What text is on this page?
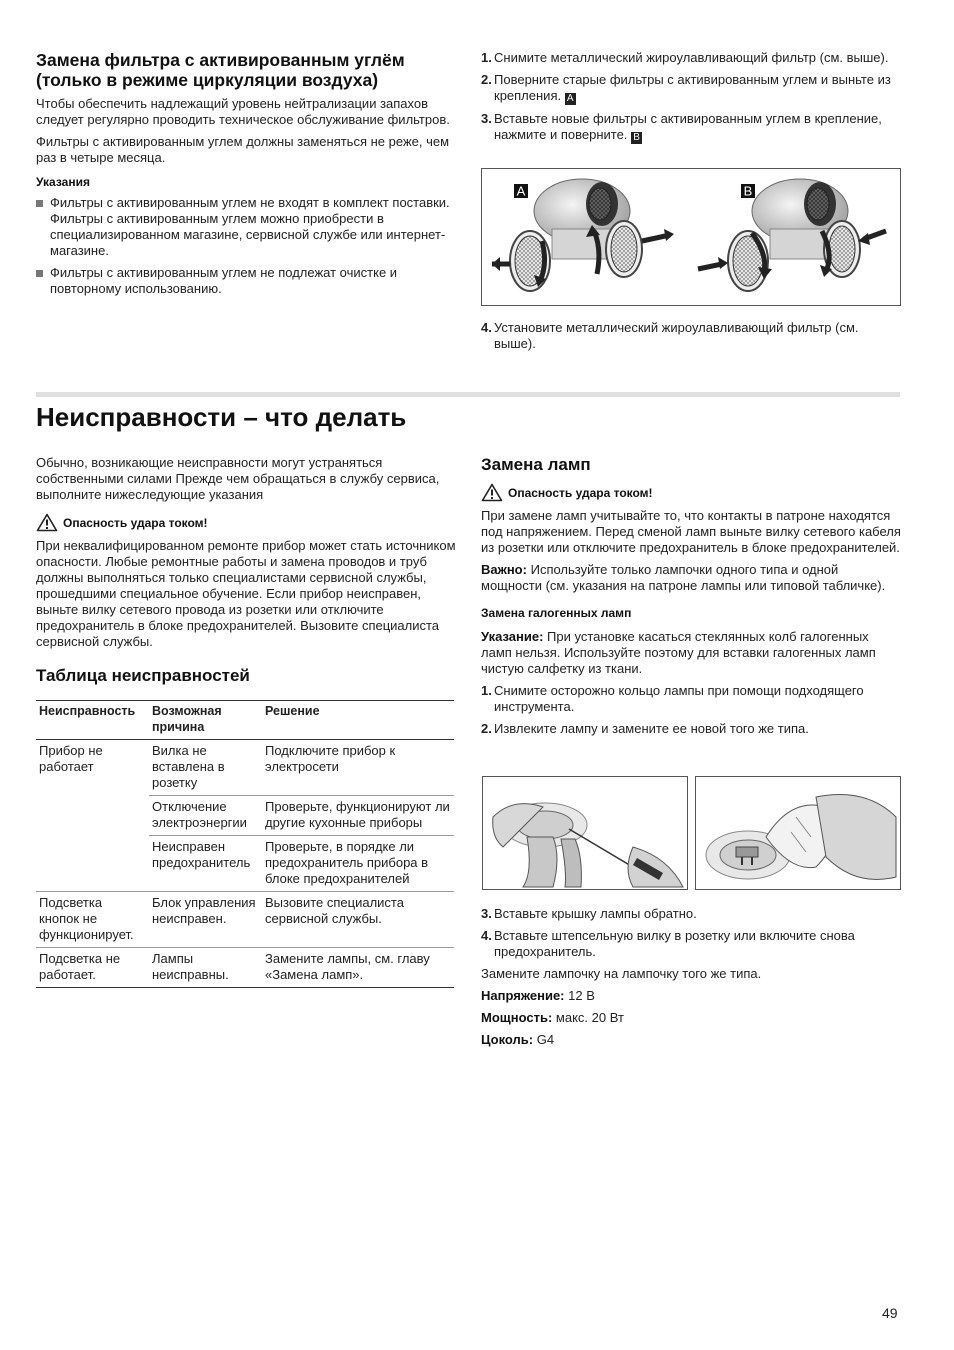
Замена фильтра с активированным углём (только в режиме циркуляции воздуха)

Чтобы обеспечить надлежащий уровень нейтрализации запахов следует регулярно проводить техническое обслуживание фильтров.

Фильтры с активированным углем должны заменяться не реже, чем раз в четыре месяца.

Указания
Фильтры с активированным углем не входят в комплект поставки. Фильтры с активированным углем можно приобрести в специализированном магазине, сервисной службе или интернет-магазине.
Фильтры с активированным углем не подлежат очистке и повторному использованию.
1. Снимите металлический жироулавливающий фильтр (см. выше).
2. Поверните старые фильтры с активированным углем и выньте из крепления. A
3. Вставьте новые фильтры с активированным углем в крепление, нажмите и поверните. B
A	B
4. Установите металлический жироулавливающий фильтр (см. выше).
Неисправности – что делать

Обычно, возникающие неисправности могут устраняться собственными силами Прежде чем обращаться в службу сервиса, выполните нижеследующие указания

Опасность удара током!

При неквалифицированном ремонте прибор может стать источником опасности. Любые ремонтные работы и замена проводов и труб должны выполняться только специалистами сервисной службы, прошедшими специальное обучение. Если прибор неисправен, выньте вилку сетевого провода из розетки или отключите предохранитель в блоке предохранителей. Вызовите специалиста сервисной службы.

Таблица неисправностей
Неисправность	Возможная причина	Решение
Прибор не работает	Вилка не вставлена в розетку	Подключите прибор к электросети
	Отключение электроэнергии	Проверьте, функционируют ли другие кухонные приборы
	Неисправен предохранитель	Проверьте, в порядке ли предохранитель прибора в блоке предохранителей
Подсветка кнопок не функционирует.	Блок управления неисправен.	Вызовите специалиста сервисной службы.
Подсветка не работает.	Лампы неисправны.	Замените лампы, см. главу «Замена ламп».
Замена ламп
Опасность удара током!

При замене ламп учитывайте то, что контакты в патроне находятся под напряжением. Перед сменой ламп выньте вилку сетевого кабеля из розетки или отключите предохранитель в блоке предохранителей.

Важно: Используйте только лампочки одного типа и одной мощности (см. указания на патроне лампы или типовой табличке).

Замена галогенных ламп

Указание: При установке касаться стеклянных колб галогенных ламп нельзя. Используйте поэтому для вставки галогенных ламп чистую салфетку из ткани.

1. Снимите осторожно кольцо лампы при помощи подходящего инструмента.
2. Извлеките лампу и замените ее новой того же типа.
3. Вставьте крышку лампы обратно.
4. Вставьте штепсельную вилку в розетку или включите снова предохранитель.

Замените лампочку на лампочку того же типа.

Напряжение: 12 В

Мощность: макс. 20 Вт

Цоколь: G4

49
